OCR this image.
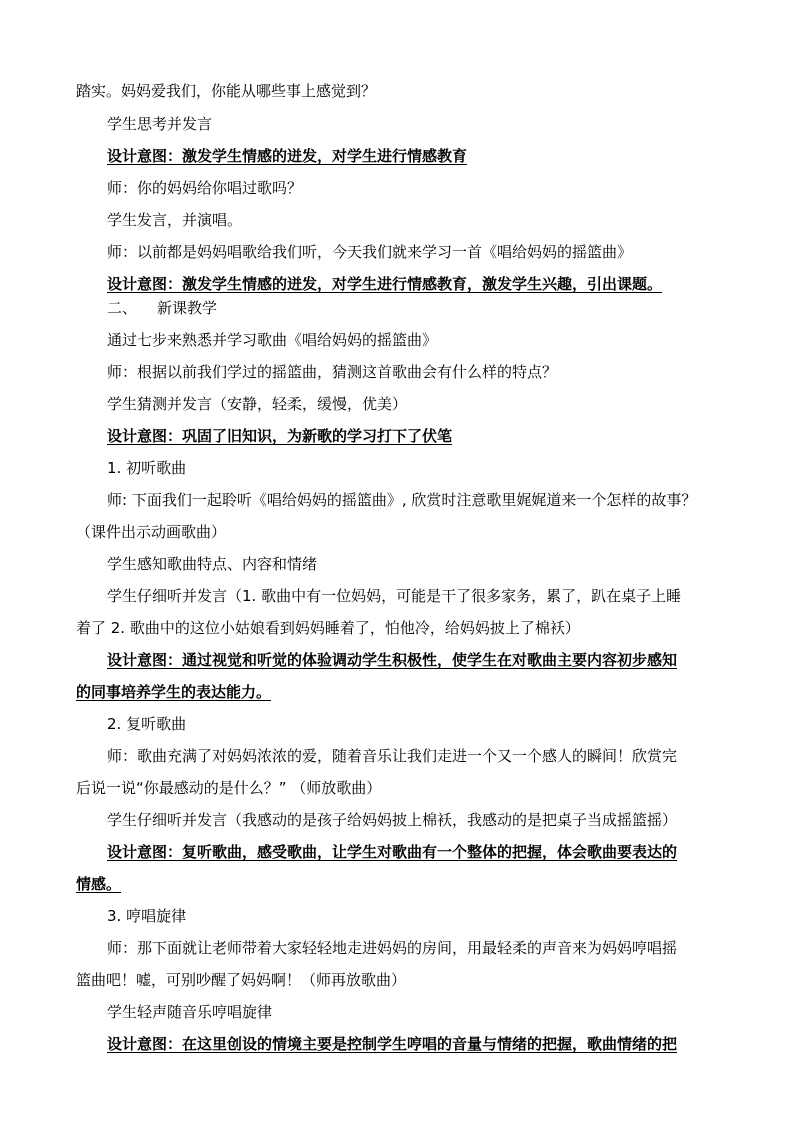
踏实。妈妈爱我们，你能从哪些事上感觉到？
学生思考并发言
设计意图：激发学生情感的迸发，对学生进行情感教育
师：你的妈妈给你唱过歌吗？
学生发言，并演唱。
师：以前都是妈妈唱歌给我们听，今天我们就来学习一首《唱给妈妈的摇篮曲》
设计意图：激发学生情感的迸发，对学生进行情感教育，激发学生兴趣，引出课题。
二、 新课教学
通过七步来熟悉并学习歌曲《唱给妈妈的摇篮曲》
师：根据以前我们学过的摇篮曲，猜测这首歌曲会有什么样的特点？
学生猜测并发言（安静，轻柔，缓慢，优美）
设计意图：巩固了旧知识，为新歌的学习打下了伏笔
1. 初听歌曲
师: 下面我们一起聆听《唱给妈妈的摇篮曲》, 欣赏时注意歌里娓娓道来一个怎样的故事？
（课件出示动画歌曲）
学生感知歌曲特点、内容和情绪
学生仔细听并发言（1. 歌曲中有一位妈妈，可能是干了很多家务，累了，趴在桌子上睡
着了 2. 歌曲中的这位小姑娘看到妈妈睡着了，怕他冷，给妈妈披上了棉袄）
设计意图：通过视觉和听觉的体验调动学生积极性，使学生在对歌曲主要内容初步感知
的同事培养学生的表达能力。
2. 复听歌曲
师：歌曲充满了对妈妈浓浓的爱，随着音乐让我们走进一个又一个感人的瞬间！欣赏完
后说一说“你最感动的是什么？” （师放歌曲）
学生仔细听并发言（我感动的是孩子给妈妈披上棉袄，我感动的是把桌子当成摇篮摇）
设计意图：复听歌曲，感受歌曲，让学生对歌曲有一个整体的把握，体会歌曲要表达的
情感。
3. 哼唱旋律
师：那下面就让老师带着大家轻轻地走进妈妈的房间，用最轻柔的声音来为妈妈哼唱摇
篮曲吧！嘘，可别吵醒了妈妈啊！（师再放歌曲）
学生轻声随音乐哼唱旋律
设计意图：在这里创设的情境主要是控制学生哼唱的音量与情绪的把握，歌曲情绪的把
